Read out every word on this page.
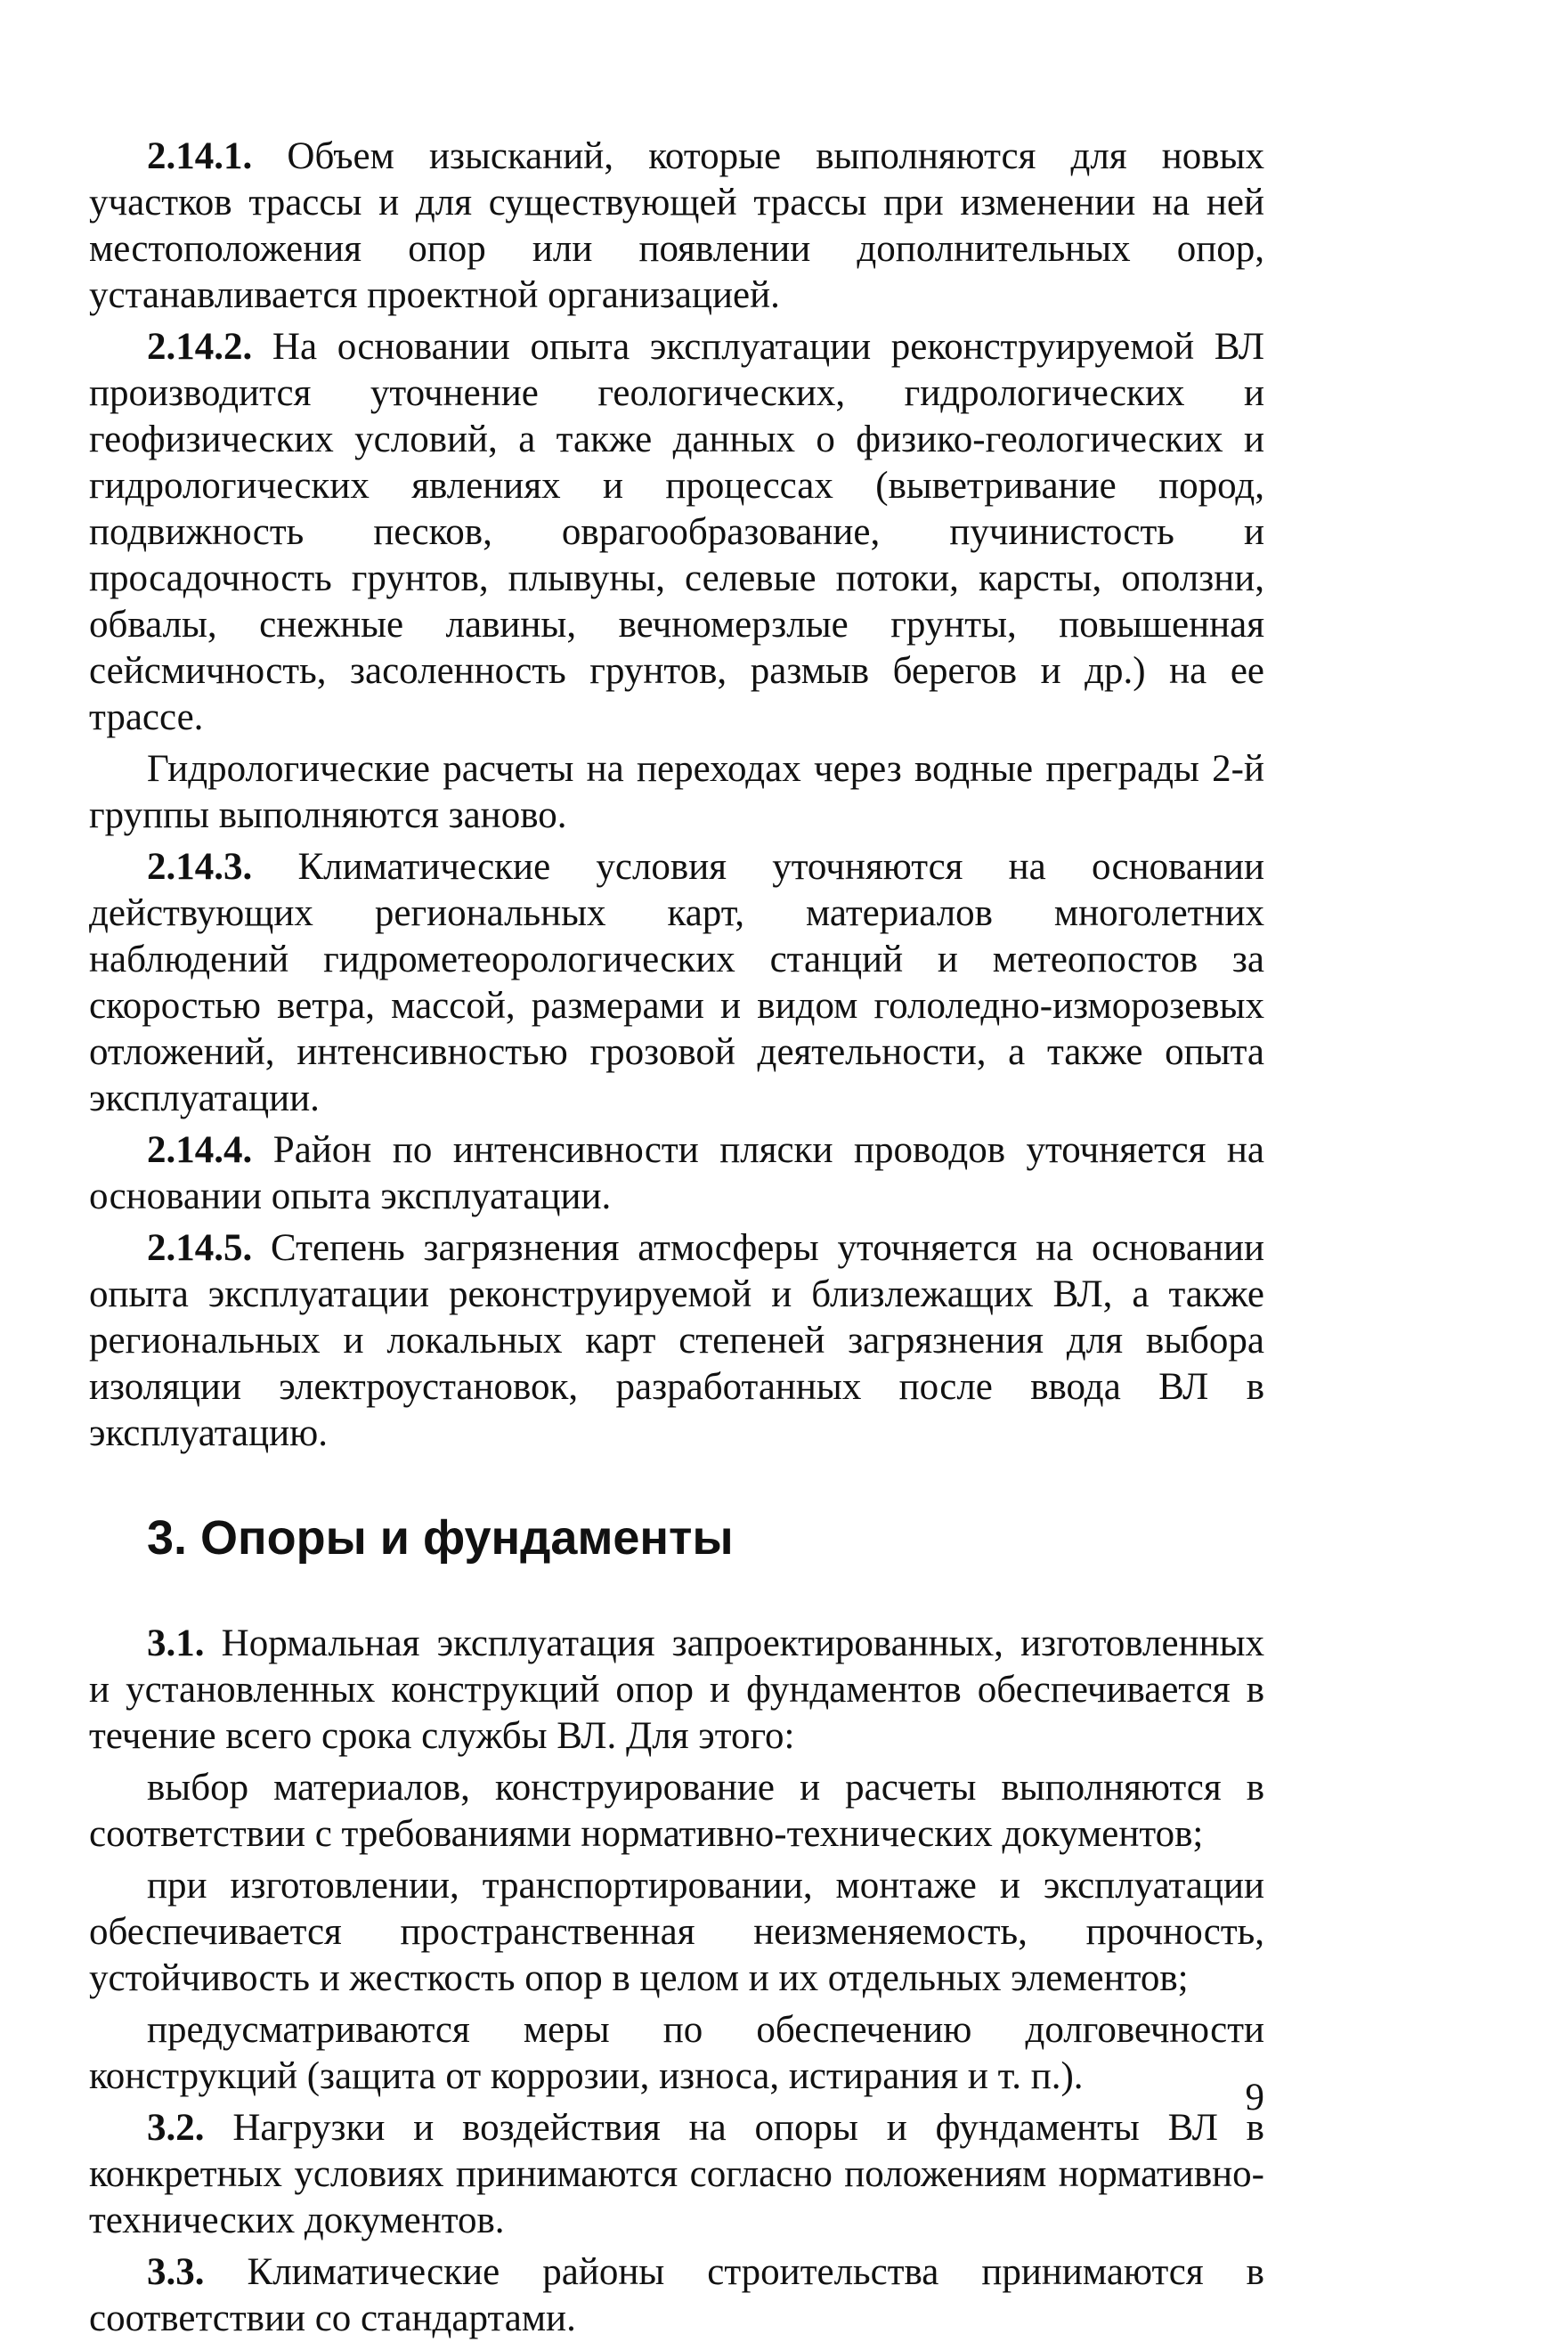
2.14.1. Объем изысканий, которые выполняются для новых участков трассы и для существующей трассы при изменении на ней местоположения опор или появлении дополнительных опор, устанавливается проектной организацией.

2.14.2. На основании опыта эксплуатации реконструируемой ВЛ производится уточнение геологических, гидрологических и геофизических условий, а также данных о физико-геологических и гидрологических явлениях и процессах (выветривание пород, подвижность песков, оврагообразование, пучинистость и просадочность грунтов, плывуны, селевые потоки, карсты, оползни, обвалы, снежные лавины, вечномерзлые грунты, повышенная сейсмичность, засоленность грунтов, размыв берегов и др.) на ее трассе.

Гидрологические расчеты на переходах через водные преграды 2-й группы выполняются заново.

2.14.3. Климатические условия уточняются на основании действующих региональных карт, материалов многолетних наблюдений гидрометеорологических станций и метеопостов за скоростью ветра, массой, размерами и видом гололедно-изморозевых отложений, интенсивностью грозовой деятельности, а также опыта эксплуатации.

2.14.4. Район по интенсивности пляски проводов уточняется на основании опыта эксплуатации.

2.14.5. Степень загрязнения атмосферы уточняется на основании опыта эксплуатации реконструируемой и близлежащих ВЛ, а также региональных и локальных карт степеней загрязнения для выбора изоляции электроустановок, разработанных после ввода ВЛ в эксплуатацию.

3. Опоры и фундаменты

3.1. Нормальная эксплуатация запроектированных, изготовленных и установленных конструкций опор и фундаментов обеспечивается в течение всего срока службы ВЛ. Для этого:

выбор материалов, конструирование и расчеты выполняются в соответствии с требованиями нормативно-технических документов;

при изготовлении, транспортировании, монтаже и эксплуатации обеспечивается пространственная неизменяемость, прочность, устойчивость и жесткость опор в целом и их отдельных элементов;

предусматриваются меры по обеспечению долговечности конструкций (защита от коррозии, износа, истирания и т. п.).

3.2. Нагрузки и воздействия на опоры и фундаменты ВЛ в конкретных условиях принимаются согласно положениям нормативно-технических документов.

3.3. Климатические районы строительства принимаются в соответствии со стандартами.

9
